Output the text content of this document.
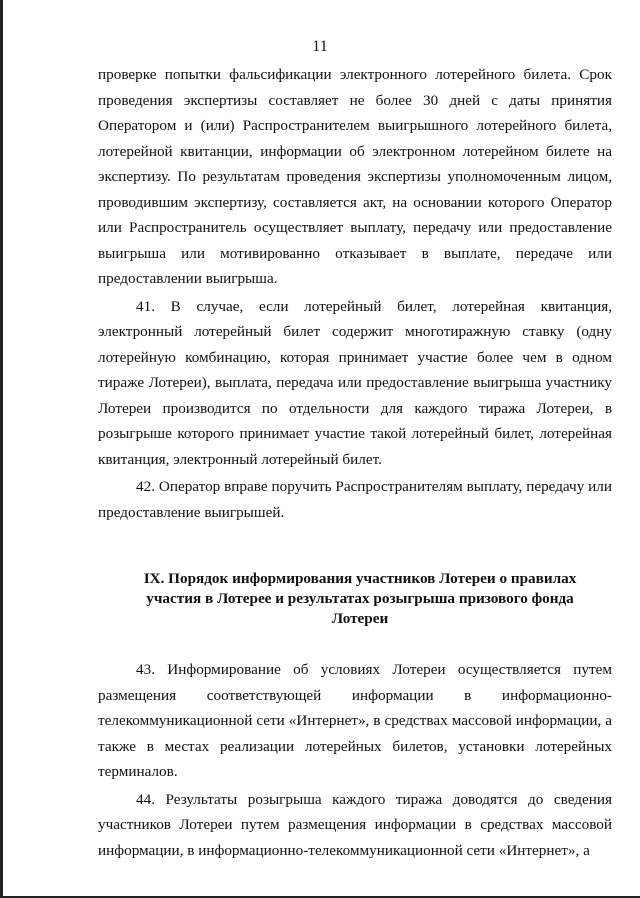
11

проверке попытки фальсификации электронного лотерейного билета. Срок проведения экспертизы составляет не более 30 дней с даты принятия Оператором и (или) Распространителем выигрышного лотерейного билета, лотерейной квитанции, информации об электронном лотерейном билете на экспертизу. По результатам проведения экспертизы уполномоченным лицом, проводившим экспертизу, составляется акт, на основании которого Оператор или Распространитель осуществляет выплату, передачу или предоставление выигрыша или мотивированно отказывает в выплате, передаче или предоставлении выигрыша.

41. В случае, если лотерейный билет, лотерейная квитанция, электронный лотерейный билет содержит многотиражную ставку (одну лотерейную комбинацию, которая принимает участие более чем в одном тираже Лотереи), выплата, передача или предоставление выигрыша участнику Лотереи производится по отдельности для каждого тиража Лотереи, в розыгрыше которого принимает участие такой лотерейный билет, лотерейная квитанция, электронный лотерейный билет.

42. Оператор вправе поручить Распространителям выплату, передачу или предоставление выигрышей.

IX. Порядок информирования участников Лотереи о правилах участия в Лотерее и результатах розыгрыша призового фонда Лотереи

43. Информирование об условиях Лотереи осуществляется путем размещения соответствующей информации в информационно-телекоммуникационной сети «Интернет», в средствах массовой информации, а также в местах реализации лотерейных билетов, установки лотерейных терминалов.

44. Результаты розыгрыша каждого тиража доводятся до сведения участников Лотереи путем размещения информации в средствах массовой информации, в информационно-телекоммуникационной сети «Интернет», а
